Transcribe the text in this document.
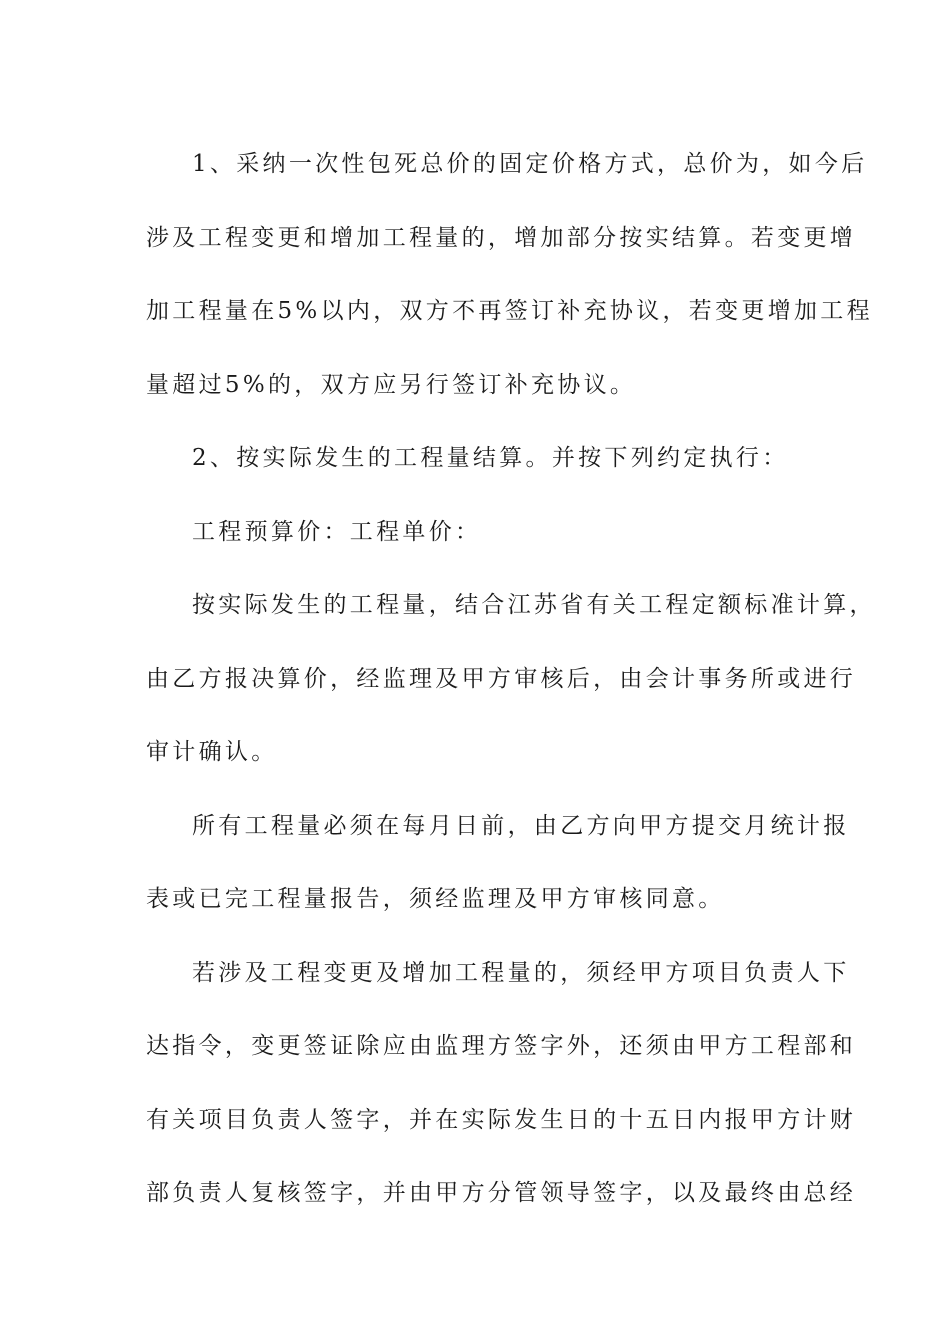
1、采纳一次性包死总价的固定价格方式，总价为，如今后
涉及工程变更和增加工程量的，增加部分按实结算。若变更增
加工程量在5%以内，双方不再签订补充协议，若变更增加工程
量超过5%的，双方应另行签订补充协议。

2、按实际发生的工程量结算。并按下列约定执行：

工程预算价：工程单价：

按实际发生的工程量，结合江苏省有关工程定额标准计算，
由乙方报决算价，经监理及甲方审核后，由会计事务所或进行
审计确认。

所有工程量必须在每月日前，由乙方向甲方提交月统计报
表或已完工程量报告，须经监理及甲方审核同意。

若涉及工程变更及增加工程量的，须经甲方项目负责人下
达指令，变更签证除应由监理方签字外，还须由甲方工程部和
有关项目负责人签字，并在实际发生日的十五日内报甲方计财
部负责人复核签字，并由甲方分管领导签字，以及最终由总经
